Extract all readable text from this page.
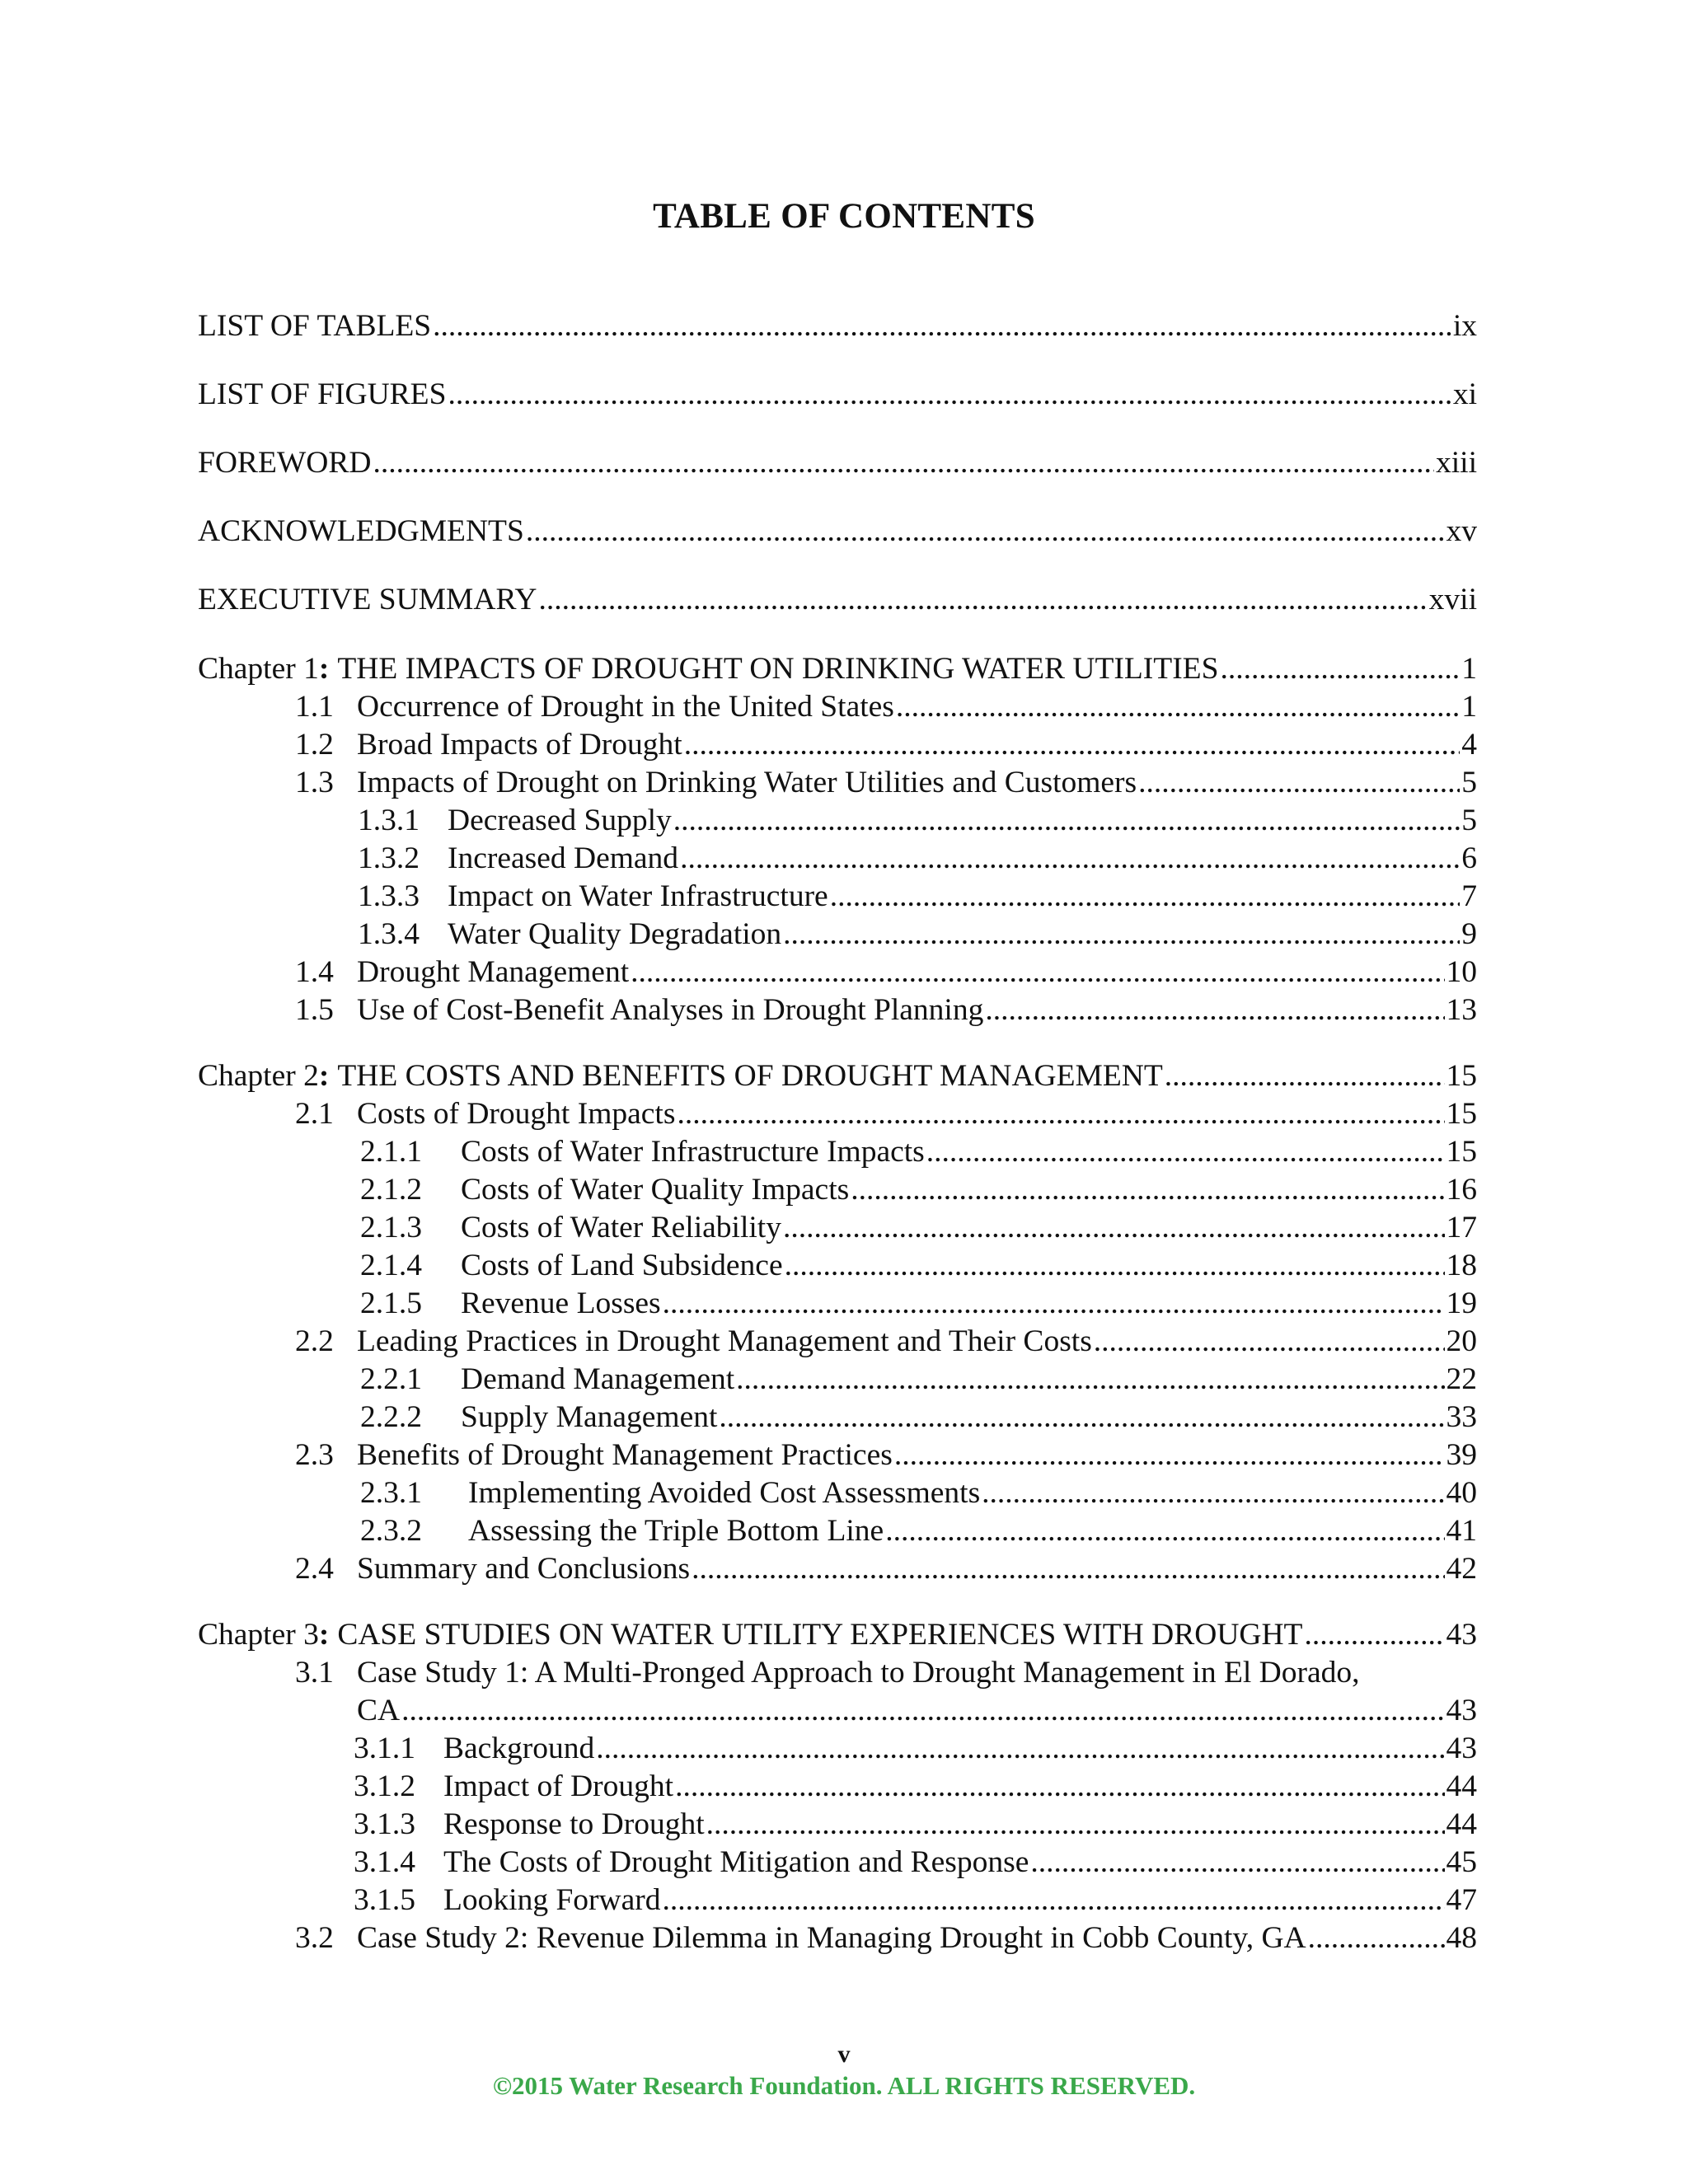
TABLE OF CONTENTS
LIST OF TABLES .....	ix
LIST OF FIGURES .....	xi
FOREWORD .....	xiii
ACKNOWLEDGMENTS .....	xv
EXECUTIVE SUMMARY .....	xvii
Chapter 1 : THE IMPACTS OF DROUGHT ON DRINKING WATER UTILITIES .....	1
1.1 Occurrence of Drought in the United States .....	1
1.2 Broad Impacts of Drought .....	4
1.3 Impacts of Drought on Drinking Water Utilities and Customers .....	5
1.3.1 Decreased Supply .....	5
1.3.2 Increased Demand .....	6
1.3.3 Impact on Water Infrastructure .....	7
1.3.4 Water Quality Degradation .....	9
1.4 Drought Management .....	10
1.5 Use of Cost-Benefit Analyses in Drought Planning .....	13
Chapter 2 : THE COSTS AND BENEFITS OF DROUGHT MANAGEMENT .....	15
2.1 Costs of Drought Impacts .....	15
2.1.1	Costs of Water Infrastructure Impacts .....	15
2.1.2	Costs of Water Quality Impacts .....	16
2.1.3	Costs of Water Reliability .....	17
2.1.4	Costs of Land Subsidence .....	18
2.1.5	Revenue Losses .....	19
2.2 Leading Practices in Drought Management and Their Costs .....	20
2.2.1	Demand Management .....	22
2.2.2	Supply Management .....	33
2.3 Benefits of Drought Management Practices .....	39
2.3.1	Implementing Avoided Cost Assessments .....	40
2.3.2	Assessing the Triple Bottom Line .....	41
2.4 Summary and Conclusions .....	42
Chapter 3 : CASE STUDIES ON WATER UTILITY EXPERIENCES WITH DROUGHT .....	43
3.1 Case Study 1: A Multi-Pronged Approach to Drought Management in El Dorado,
CA .....	43
3.1.1 Background .....	43
3.1.2 Impact of Drought .....	44
3.1.3 Response to Drought .....	44
3.1.4 The Costs of Drought Mitigation and Response .....	45
3.1.5 Looking Forward .....	47
3.2 Case Study 2: Revenue Dilemma in Managing Drought in Cobb County, GA .....	48
v
©2015 Water Research Foundation. ALL RIGHTS RESERVED.
